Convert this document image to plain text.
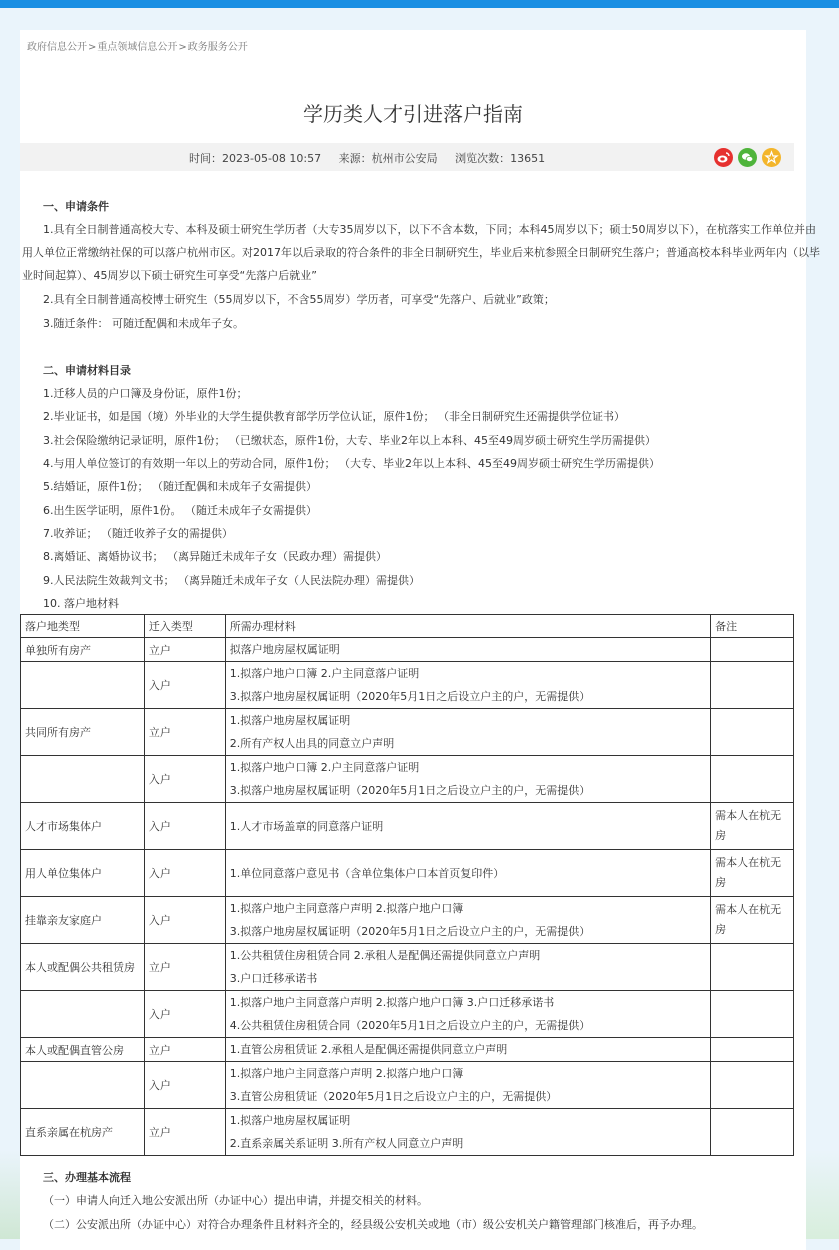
政府信息公开>重点领域信息公开>政务服务公开
学历类人才引进落户指南
时间：2023-05-08 10:57 来源：杭州市公安局 浏览次数：13651
一、申请条件
1.具有全日制普通高校大专、本科及硕士研究生学历者（大专35周岁以下，以下不含本数，下同；本科45周岁以下；硕士50周岁以下），在杭落实工作单位并由
用人单位正常缴纳社保的可以落户杭州市区。对2017年以后录取的符合条件的非全日制研究生，毕业后来杭参照全日制研究生落户；普通高校本科毕业两年内（以毕
业时间起算）、45周岁以下硕士研究生可享受“先落户后就业”
2.具有全日制普通高校博士研究生（55周岁以下，不含55周岁）学历者，可享受“先落户、后就业”政策；
3.随迁条件： 可随迁配偶和未成年子女。
二、申请材料目录
1.迁移人员的户口簿及身份证，原件1份；
2.毕业证书，如是国（境）外毕业的大学生提供教育部学历学位认证，原件1份； （非全日制研究生还需提供学位证书）
3.社会保险缴纳记录证明，原件1份； （已缴状态，原件1份，大专、毕业2年以上本科、45至49周岁硕士研究生学历需提供）
4.与用人单位签订的有效期一年以上的劳动合同，原件1份； （大专、毕业2年以上本科、45至49周岁硕士研究生学历需提供）
5.结婚证，原件1份； （随迁配偶和未成年子女需提供）
6.出生医学证明，原件1份。 （随迁未成年子女需提供）
7.收养证； （随迁收养子女的需提供）
8.离婚证、离婚协议书； （离异随迁未成年子女（民政办理）需提供）
9.人民法院生效裁判文书； （离异随迁未成年子女（人民法院办理）需提供）
10. 落户地材料
落户地类型	迁入类型	所需办理材料	备注
单独所有房产	立户	拟落户地房屋权属证明	

	入户	1.拟落户地户口簿 2.户主同意落户证明
3.拟落户地房屋权属证明（2020年5月1日之后设立户主的户，无需提供）	

共同所有房产	立户	1.拟落户地房屋权属证明
2.所有产权人出具的同意立户声明	

	入户	1.拟落户地户口簿 2.户主同意落户证明
3.拟落户地房屋权属证明（2020年5月1日之后设立户主的户，无需提供）	

人才市场集体户	入户	1.人才市场盖章的同意落户证明	需本人在杭无房
用人单位集体户	入户	1.单位同意落户意见书（含单位集体户口本首页复印件）	需本人在杭无房
挂靠亲友家庭户	入户	1.拟落户地户主同意落户声明 2.拟落户地户口簿
3.拟落户地房屋权属证明（2020年5月1日之后设立户主的户，无需提供）	需本人在杭无房
本人或配偶公共租赁房	立户	1.公共租赁住房租赁合同 2.承租人是配偶还需提供同意立户声明
3.户口迁移承诺书	

	入户	1.拟落户地户主同意落户声明 2.拟落户地户口簿 3.户口迁移承诺书
4.公共租赁住房租赁合同（2020年5月1日之后设立户主的户，无需提供）	

本人或配偶直管公房	立户	1.直管公房租赁证 2.承租人是配偶还需提供同意立户声明	

	入户	1.拟落户地户主同意落户声明 2.拟落户地户口簿
3.直管公房租赁证（2020年5月1日之后设立户主的户，无需提供）	

直系亲属在杭房产	立户	1.拟落户地房屋权属证明
2.直系亲属关系证明 3.所有产权人同意立户声明	

三、办理基本流程
（一）申请人向迁入地公安派出所（办证中心）提出申请，并提交相关的材料。
（二）公安派出所（办证中心）对符合办理条件且材料齐全的，经县级公安机关或地（市）级公安机关户籍管理部门核准后，再予办理。
